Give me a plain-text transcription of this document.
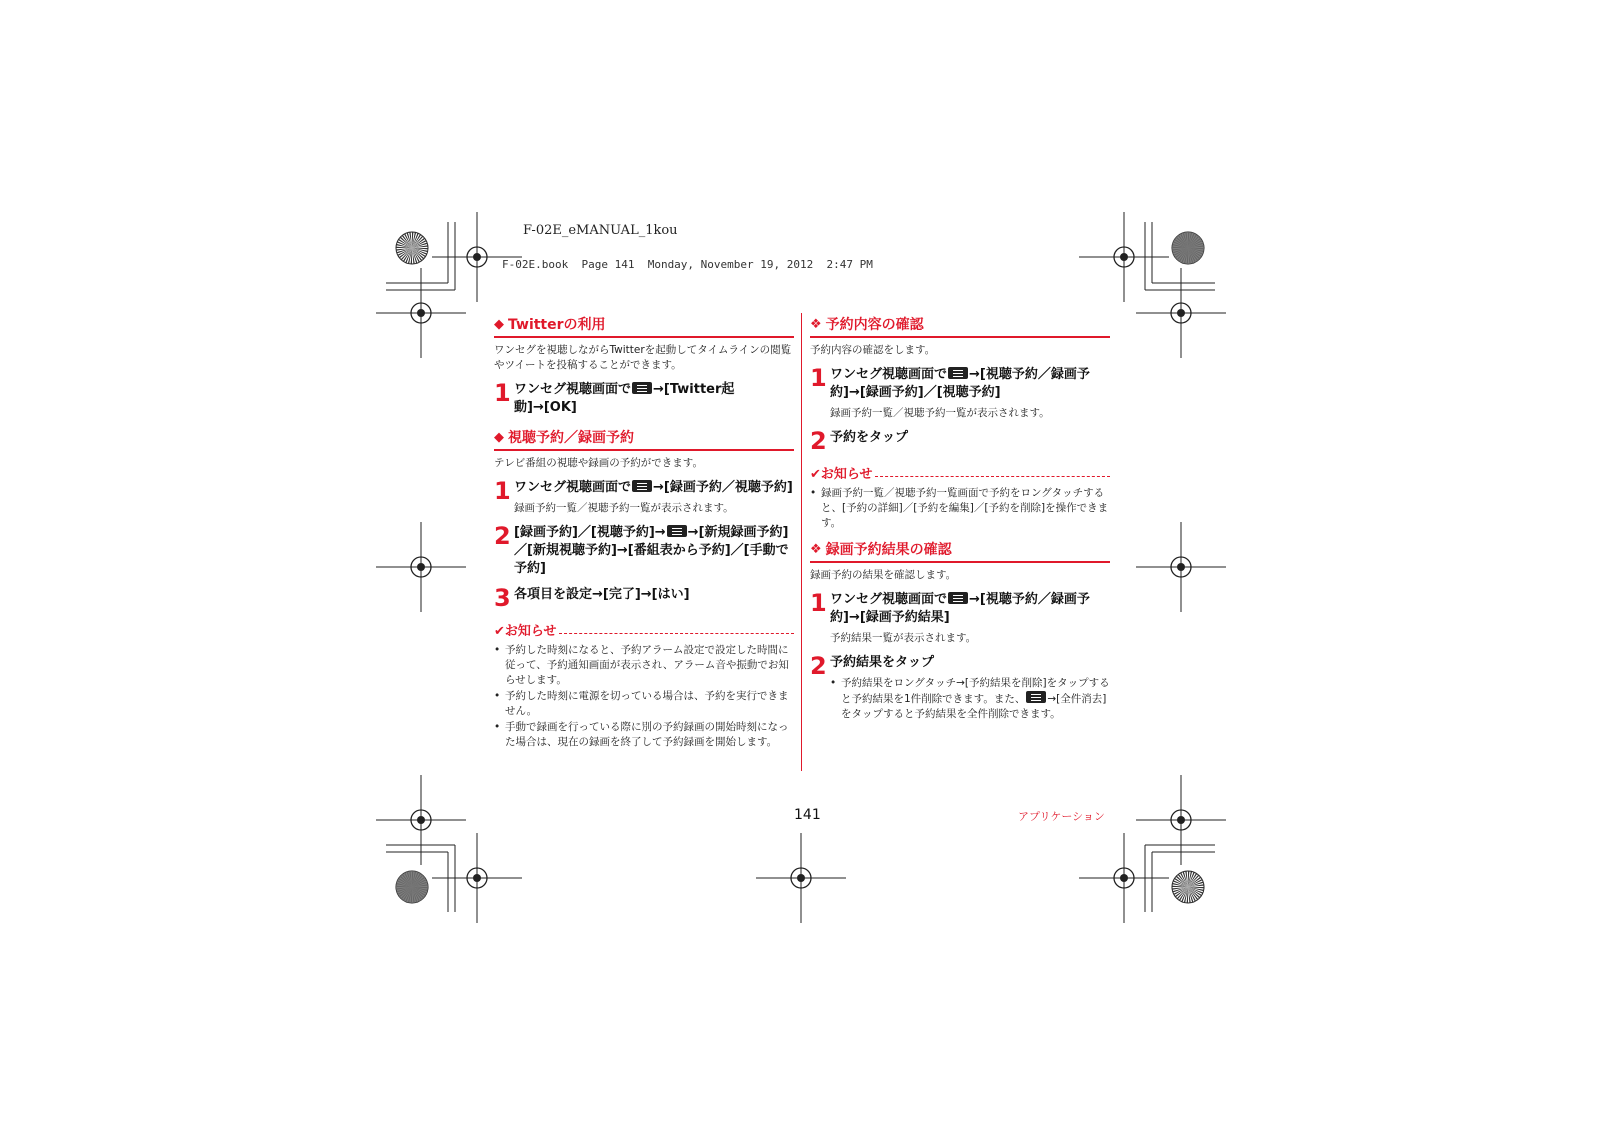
F-02E_eMANUAL_1kou
F-02E.book  Page 141  Monday, November 19, 2012  2:47 PM
◆ Twitterの利用

ワンセグを視聴しながらTwitterを起動してタイムラインの閲覧やツイートを投稿することができます。

1 ワンセグ視聴画面で →[Twitter起動]→[OK]

◆ 視聴予約／録画予約

テレビ番組の視聴や録画の予約ができます。

1 ワンセグ視聴画面で →[録画予約／視聴予約]

録画予約一覧／視聴予約一覧が表示されます。

2 [録画予約]／[視聴予約]→ →[新規録画予約]／[新規視聴予約]→[番組表から予約]／[手動で予約]

3 各項目を設定→[完了]→[はい]

✔お知らせ
• 予約した時刻になると、予約アラーム設定で設定した時間に従って、予約通知画面が表示され、アラーム音や振動でお知らせします。
• 予約した時刻に電源を切っている場合は、予約を実行できません。
• 手動で録画を行っている際に別の予約録画の開始時刻になった場合は、現在の録画を終了して予約録画を開始します。
❖ 予約内容の確認

予約内容の確認をします。

1 ワンセグ視聴画面で →[視聴予約／録画予約]→[録画予約]／[視聴予約]

録画予約一覧／視聴予約一覧が表示されます。

2 予約をタップ

✔お知らせ
• 録画予約一覧／視聴予約一覧画面で予約をロングタッチすると、[予約の詳細]／[予約を編集]／[予約を削除]を操作できます。
❖ 録画予約結果の確認

録画予約の結果を確認します。

1 ワンセグ視聴画面で →[視聴予約／録画予約]→[録画予約結果]

予約結果一覧が表示されます。

2 予約結果をタップ

• 予約結果をロングタッチ→[予約結果を削除]をタップすると予約結果を1件削除できます。また、 →[全件消去]をタップすると予約結果を全件削除できます。
141	アプリケーション
